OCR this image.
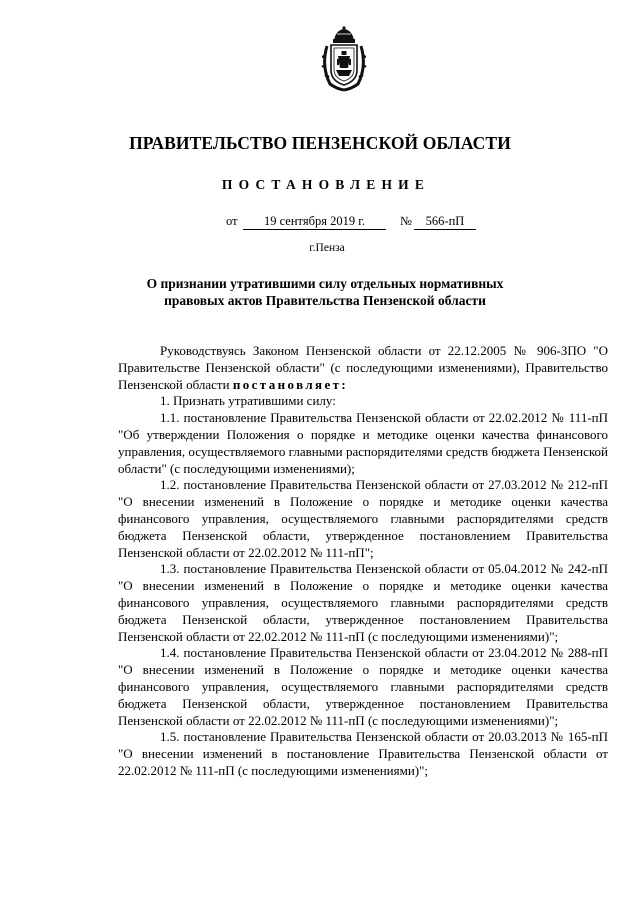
ПРАВИТЕЛЬСТВО ПЕНЗЕНСКОЙ ОБЛАСТИ
ПОСТАНОВЛЕНИЕ
от	19 сентября 2019 г.	№	566-пП
г.Пенза
О признании утратившими силу отдельных нормативных
правовых актов Правительства Пензенской области

Руководствуясь Законом Пензенской области от 22.12.2005 № 906-ЗПО "О Правительстве Пензенской области" (с последующими изменениями), Правительство Пензенской области постановляет:

1. Признать утратившими силу:

1.1. постановление Правительства Пензенской области от 22.02.2012 № 111-пП "Об утверждении Положения о порядке и методике оценки качества финансового управления, осуществляемого главными распорядителями средств бюджета Пензенской области" (с последующими изменениями);

1.2. постановление Правительства Пензенской области от 27.03.2012 № 212-пП "О внесении изменений в Положение о порядке и методике оценки качества финансового управления, осуществляемого главными распорядителями средств бюджета Пензенской области, утвержденное постановлением Правительства Пензенской области от 22.02.2012 № 111-пП";

1.3. постановление Правительства Пензенской области от 05.04.2012 № 242-пП "О внесении изменений в Положение о порядке и методике оценки качества финансового управления, осуществляемого главными распорядителями средств бюджета Пензенской области, утвержденное постановлением Правительства Пензенской области от 22.02.2012 № 111-пП (с последующими изменениями)";

1.4. постановление Правительства Пензенской области от 23.04.2012 № 288-пП "О внесении изменений в Положение о порядке и методике оценки качества финансового управления, осуществляемого главными распорядителями средств бюджета Пензенской области, утвержденное постановлением Правительства Пензенской области от 22.02.2012 № 111-пП (с последующими изменениями)";

1.5. постановление Правительства Пензенской области от 20.03.2013 № 165-пП "О внесении изменений в постановление Правительства Пензенской области от 22.02.2012 № 111-пП (с последующими изменениями)";
